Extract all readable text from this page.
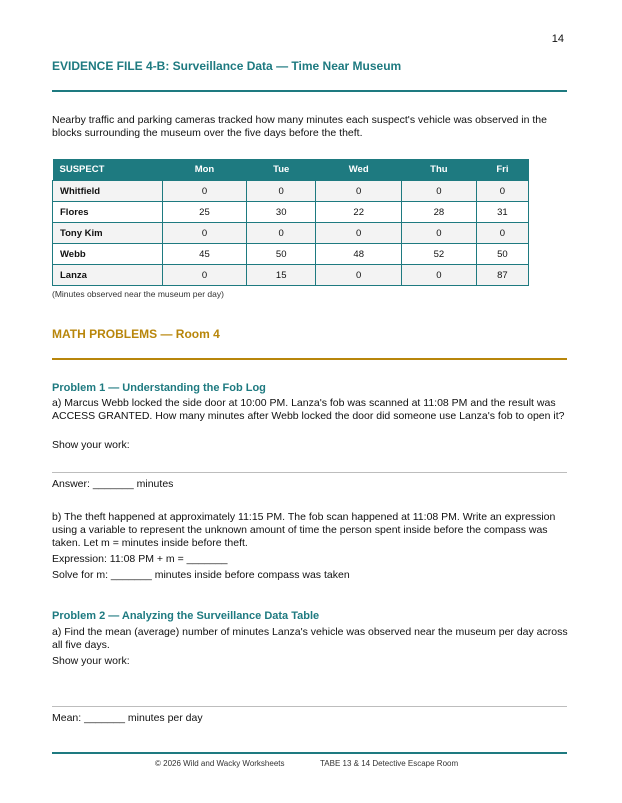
14
EVIDENCE FILE 4-B: Surveillance Data — Time Near Museum
Nearby traffic and parking cameras tracked how many minutes each suspect's vehicle was observed in the blocks surrounding the museum over the five days before the theft.
SUSPECT	Mon	Tue	Wed	Thu	Fri
Whitfield	0	0	0	0	0
Flores	25	30	22	28	31
Tony Kim	0	0	0	0	0
Webb	45	50	48	52	50
Lanza	0	15	0	0	87
(Minutes observed near the museum per day)
MATH PROBLEMS — Room 4
Problem 1 — Understanding the Fob Log
a) Marcus Webb locked the side door at 10:00 PM. Lanza's fob was scanned at 11:08 PM and the result was ACCESS GRANTED. How many minutes after Webb locked the door did someone use Lanza's fob to open it?
Show your work:
Answer: _______ minutes
b) The theft happened at approximately 11:15 PM. The fob scan happened at 11:08 PM. Write an expression using a variable to represent the unknown amount of time the person spent inside before the compass was taken. Let m = minutes inside before theft.
Expression: 11:08 PM + m = _______
Solve for m: _______ minutes inside before compass was taken
Problem 2 — Analyzing the Surveillance Data Table
a) Find the mean (average) number of minutes Lanza's vehicle was observed near the museum per day across all five days.
Show your work:
Mean: _______ minutes per day
© 2026 Wild and Wacky Worksheets	TABE 13 & 14 Detective Escape Room
